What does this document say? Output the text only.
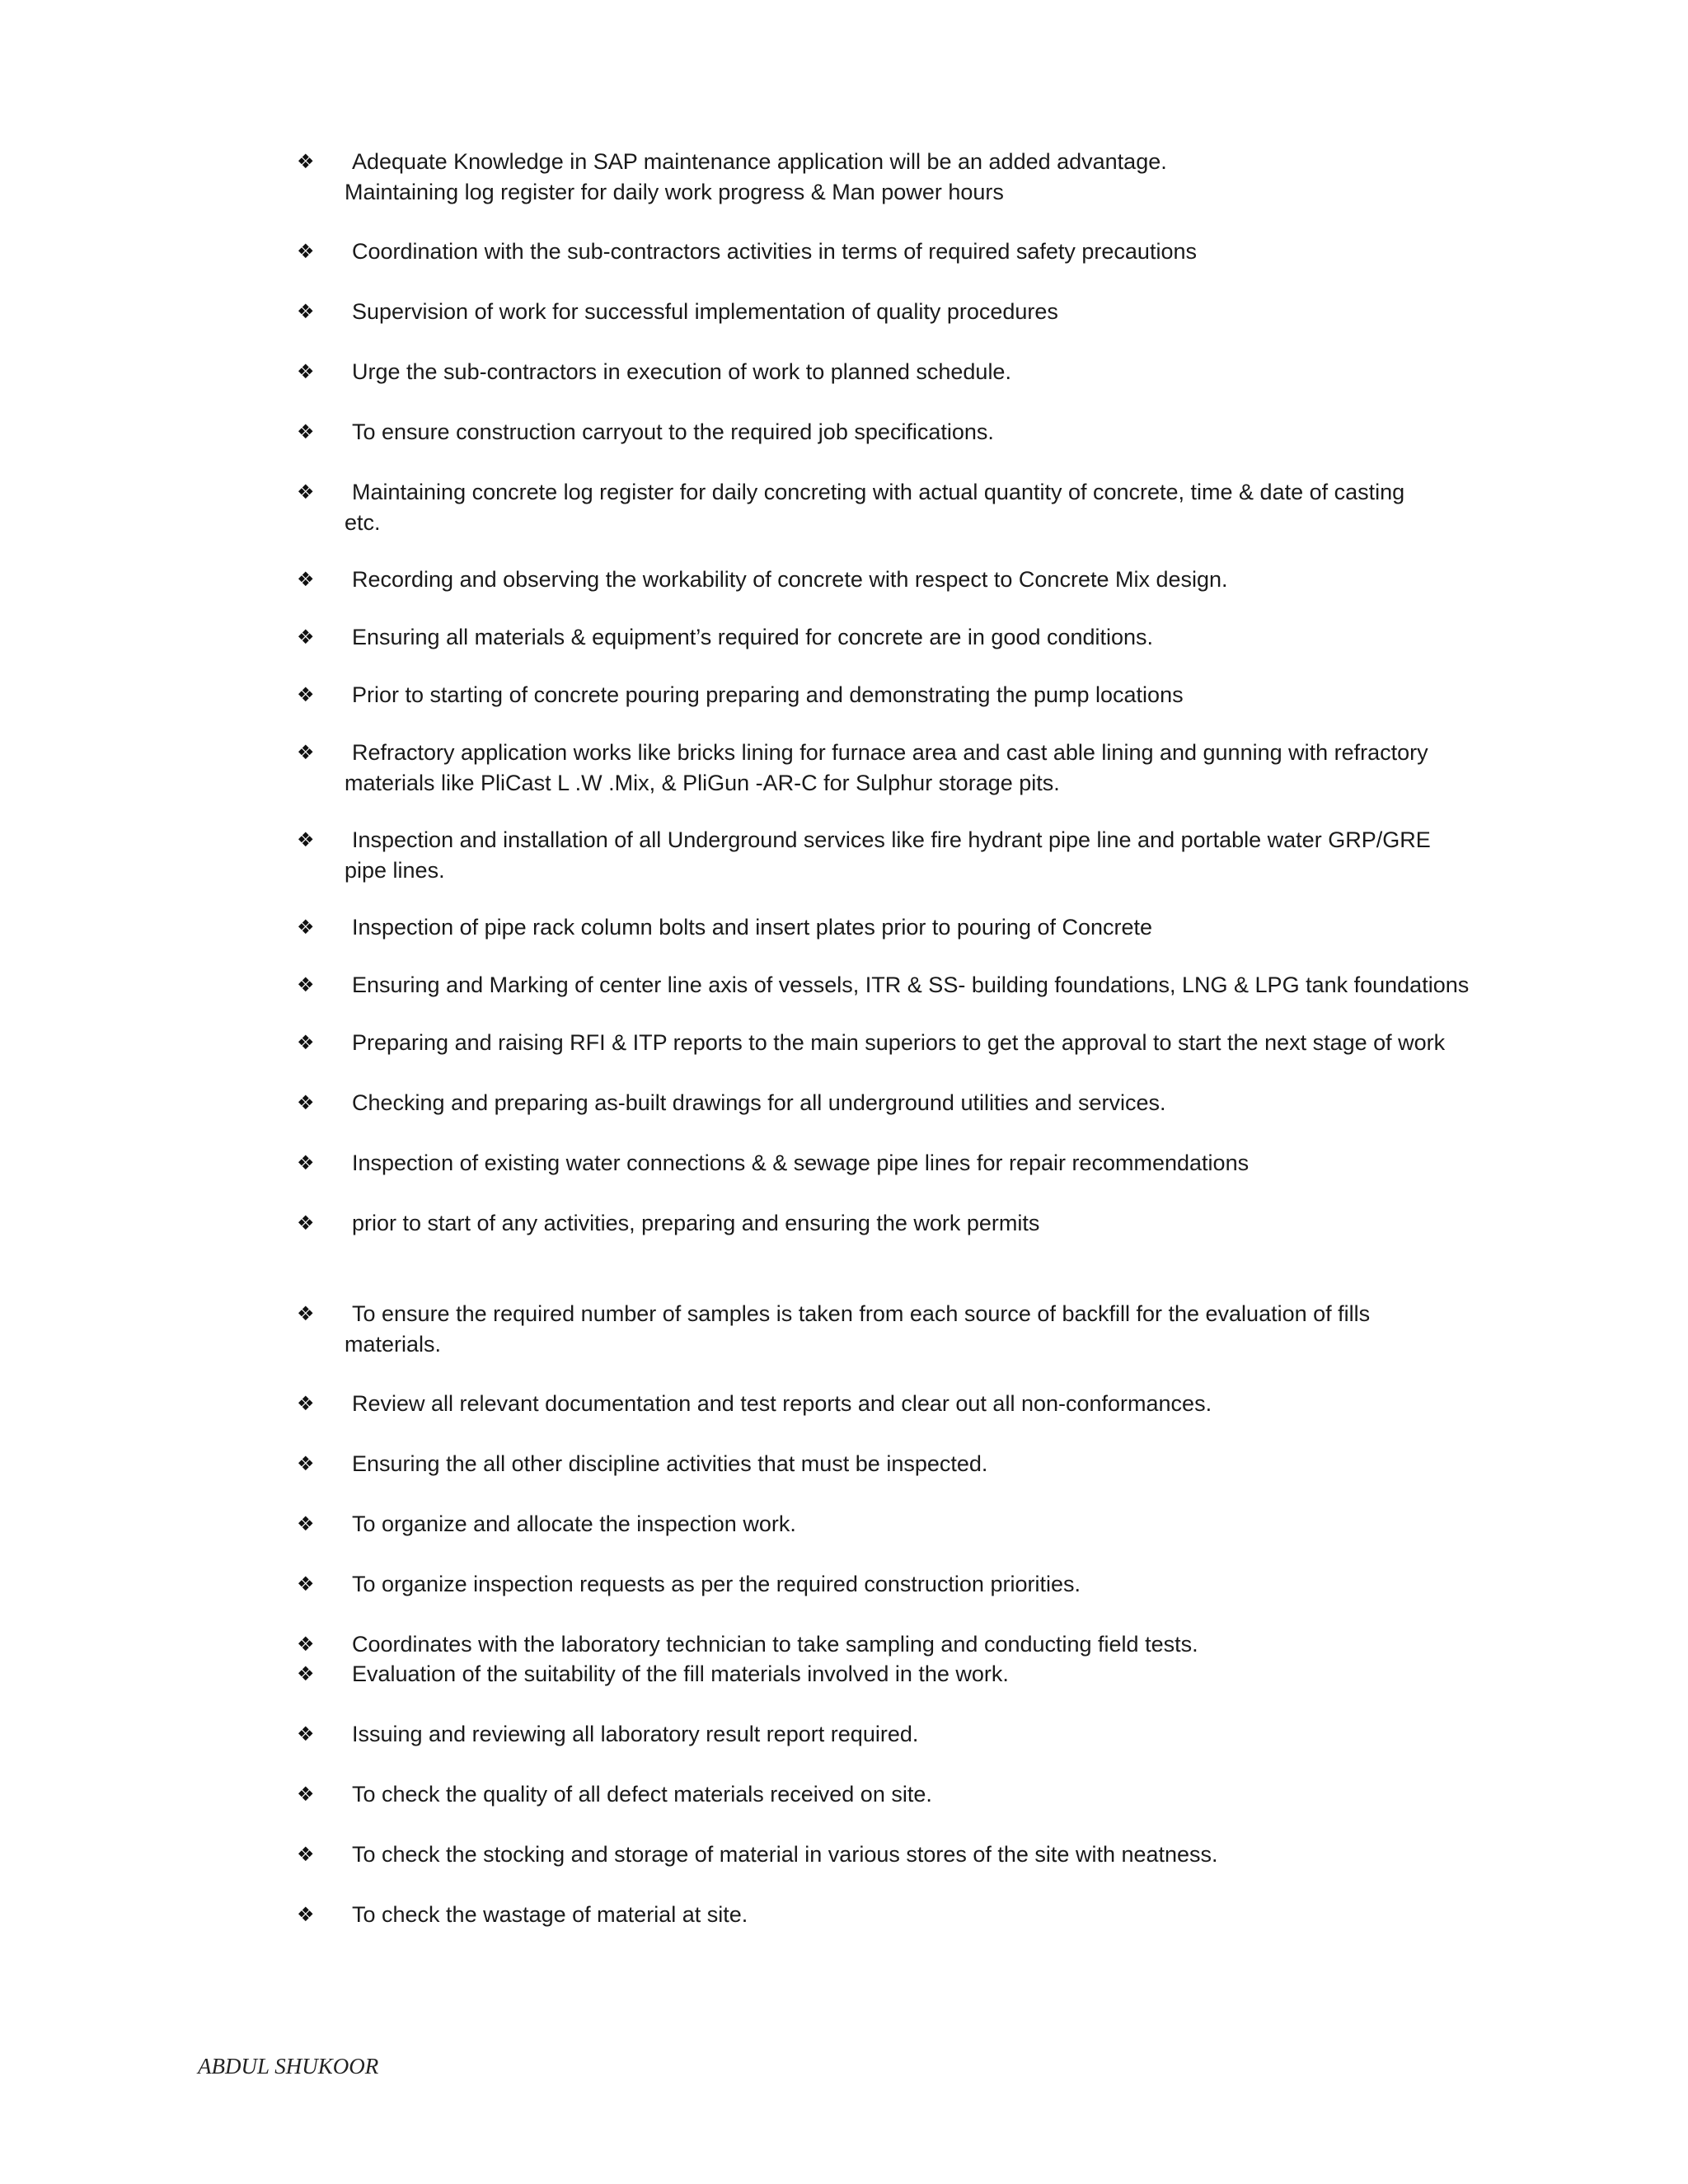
❖	Adequate Knowledge in SAP maintenance application will be an added advantage.
Maintaining log register for daily work progress & Man power hours
❖	Coordination with the sub-contractors activities in terms of required safety precautions
❖	Supervision of work for successful implementation of quality procedures
❖	Urge the sub-contractors in execution of work to planned schedule.
❖	To ensure construction carryout to the required job specifications.
❖	Maintaining concrete log register for daily concreting with actual quantity of concrete, time & date of casting
etc.
❖	Recording and observing the workability of concrete with respect to Concrete Mix design.
❖	Ensuring all materials & equipment’s required for concrete are in good conditions.
❖	Prior to starting of concrete pouring preparing and demonstrating the pump locations
❖	Refractory application works like bricks lining for furnace area and cast able lining and gunning with refractory
materials like PliCast L .W .Mix, & PliGun -AR-C for Sulphur storage pits.
❖	Inspection and installation of all Underground services like fire hydrant pipe line and portable water GRP/GRE
pipe lines.
❖	Inspection of pipe rack column bolts and insert plates prior to pouring of Concrete
❖	Ensuring and Marking of center line axis of vessels, ITR & SS- building foundations, LNG & LPG tank foundations
❖	Preparing and raising RFI & ITP reports to the main superiors to get the approval to start the next stage of work
❖	Checking and preparing as-built drawings for all underground utilities and services.
❖	Inspection of existing water connections & & sewage pipe lines for repair recommendations
❖	prior to start of any activities, preparing and ensuring the work permits
❖	To ensure the required number of samples is taken from each source of backfill for the evaluation of fills
materials.
❖	Review all relevant documentation and test reports and clear out all non-conformances.
❖	Ensuring the all other discipline activities that must be inspected.
❖	To organize and allocate the inspection work.
❖	To organize inspection requests as per the required construction priorities.
❖	Coordinates with the laboratory technician to take sampling and conducting field tests.
❖	Evaluation of the suitability of the fill materials involved in the work.
❖	Issuing and reviewing all laboratory result report required.
❖	To check the quality of all defect materials received on site.
❖	To check the stocking and storage of material in various stores of the site with neatness.
❖	To check the wastage of material at site.
ABDUL SHUKOOR
